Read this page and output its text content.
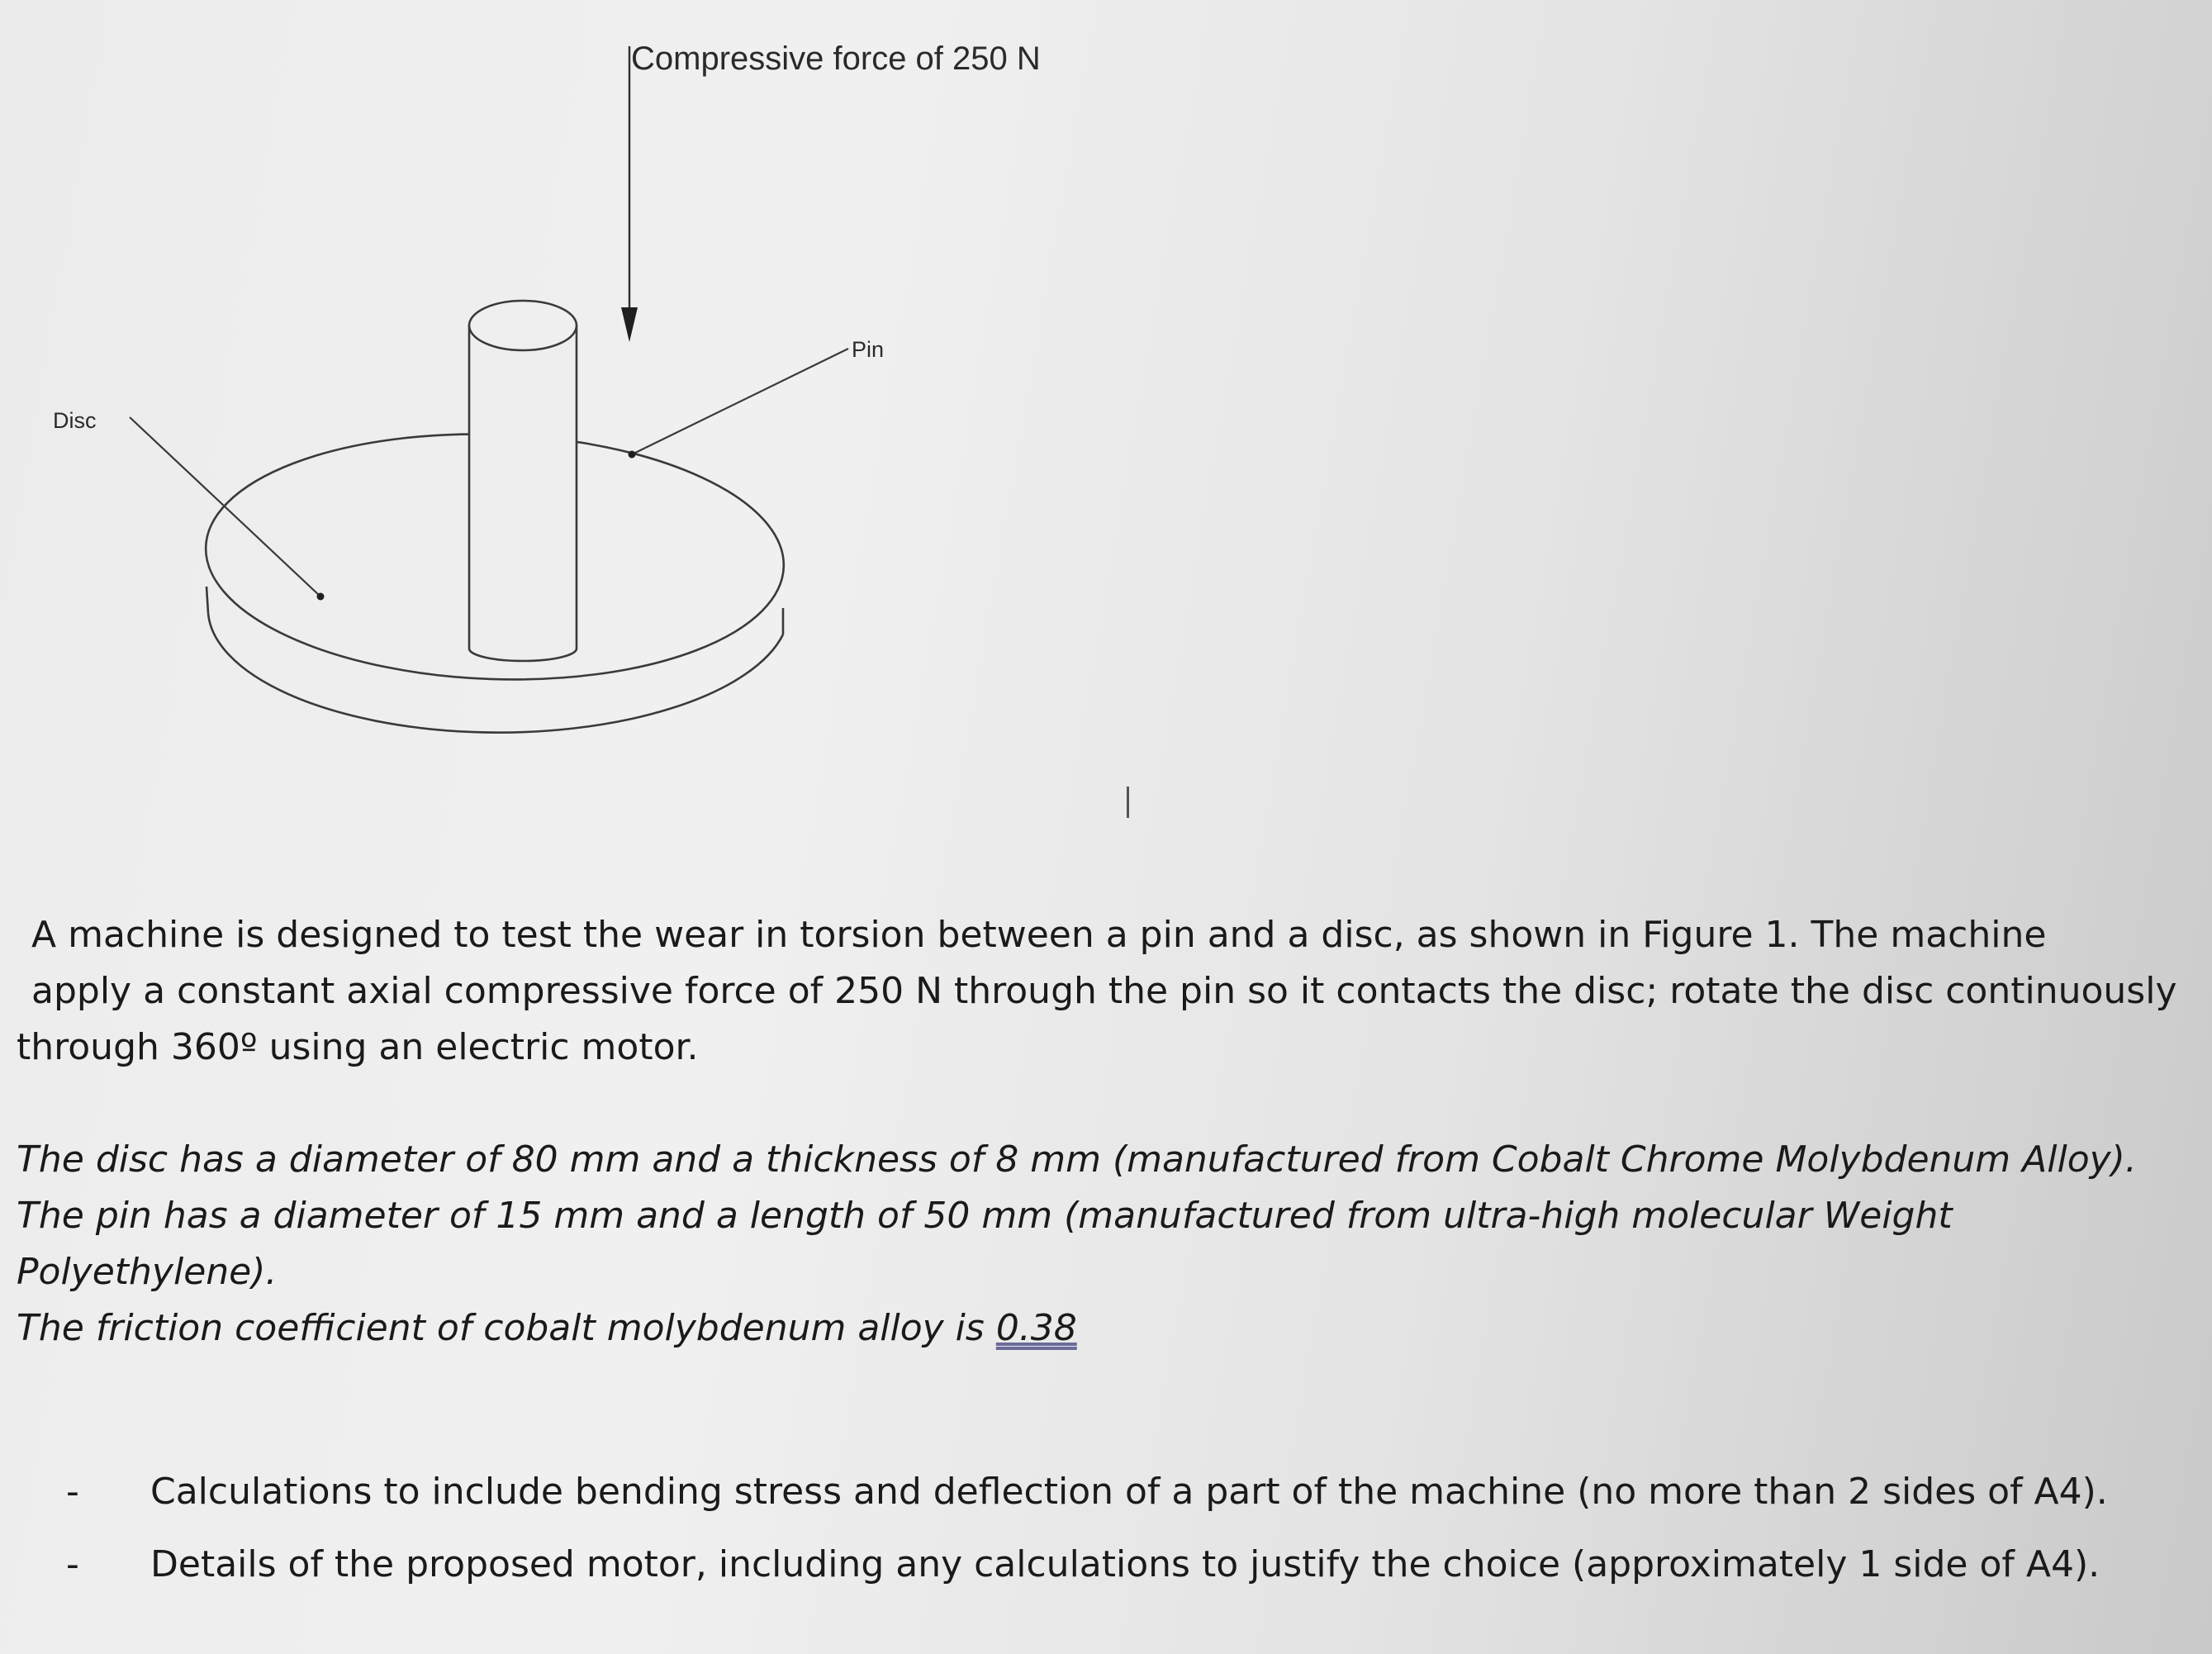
Compressive force of 250 N
Pin
Disc
A machine is designed to test the wear in torsion between a pin and a disc, as shown in Figure 1. The machine
apply a constant axial compressive force of 250 N through the pin so it contacts the disc; rotate the disc continuously
through 360º using an electric motor.
The disc has a diameter of 80 mm and a thickness of 8 mm (manufactured from Cobalt Chrome Molybdenum Alloy).
The pin has a diameter of 15 mm and a length of 50 mm (manufactured from ultra-high molecular Weight
Polyethylene).
The friction coefficient of cobalt molybdenum alloy is 0.38
-	Calculations to include bending stress and deflection of a part of the machine (no more than 2 sides of A4).
-	Details of the proposed motor, including any calculations to justify the choice (approximately 1 side of A4).
